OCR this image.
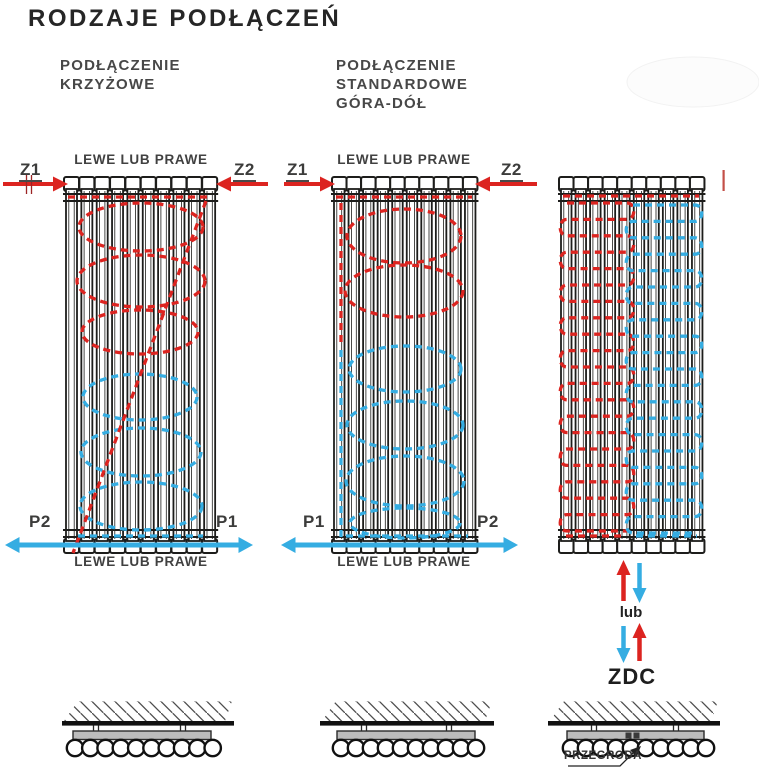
RODZAJE PODŁĄCZEŃ
PODŁĄCZENIE
KRZYŻOWE
PODŁĄCZENIE
STANDARDOWE
GÓRA-DÓŁ
LEWE LUB PRAWE	LEWE LUB PRAWE
Z1	Z2 Z1	Z2
P2	P1	P1	P2
LEWE LUB PRAWE	LEWE LUB PRAWE
lub
ZDC
PRZEGRODA
